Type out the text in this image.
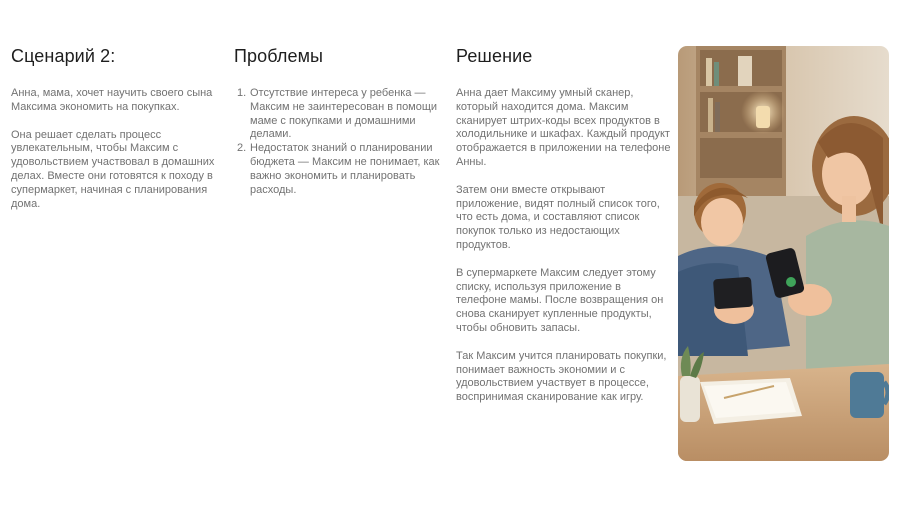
Сценарий 2:

Анна, мама, хочет научить своего сына Максима экономить на покупках.

Она решает сделать процесс увлекательным, чтобы Максим с удовольствием участвовал в домашних делах. Вместе они готовятся к походу в супермаркет, начиная с планирования дома.

Проблемы
1. Отсутствие интереса у ребенка — Максим не заинтересован в помощи маме с покупками и домашними делами.
2. Недостаток знаний о планировании бюджета — Максим не понимает, как важно экономить и планировать расходы.
Решение

Анна дает Максиму умный сканер, который находится дома. Максим сканирует штрих-коды всех продуктов в холодильнике и шкафах. Каждый продукт отображается в приложении на телефоне Анны.

Затем они вместе открывают приложение, видят полный список того, что есть дома, и составляют список покупок только из недостающих продуктов.

В супермаркете Максим следует этому списку, используя приложение в телефоне мамы. После возвращения он снова сканирует купленные продукты, чтобы обновить запасы.

Так Максим учится планировать покупки, понимает важность экономии и с удовольствием участвует в процессе, воспринимая сканирование как игру.
